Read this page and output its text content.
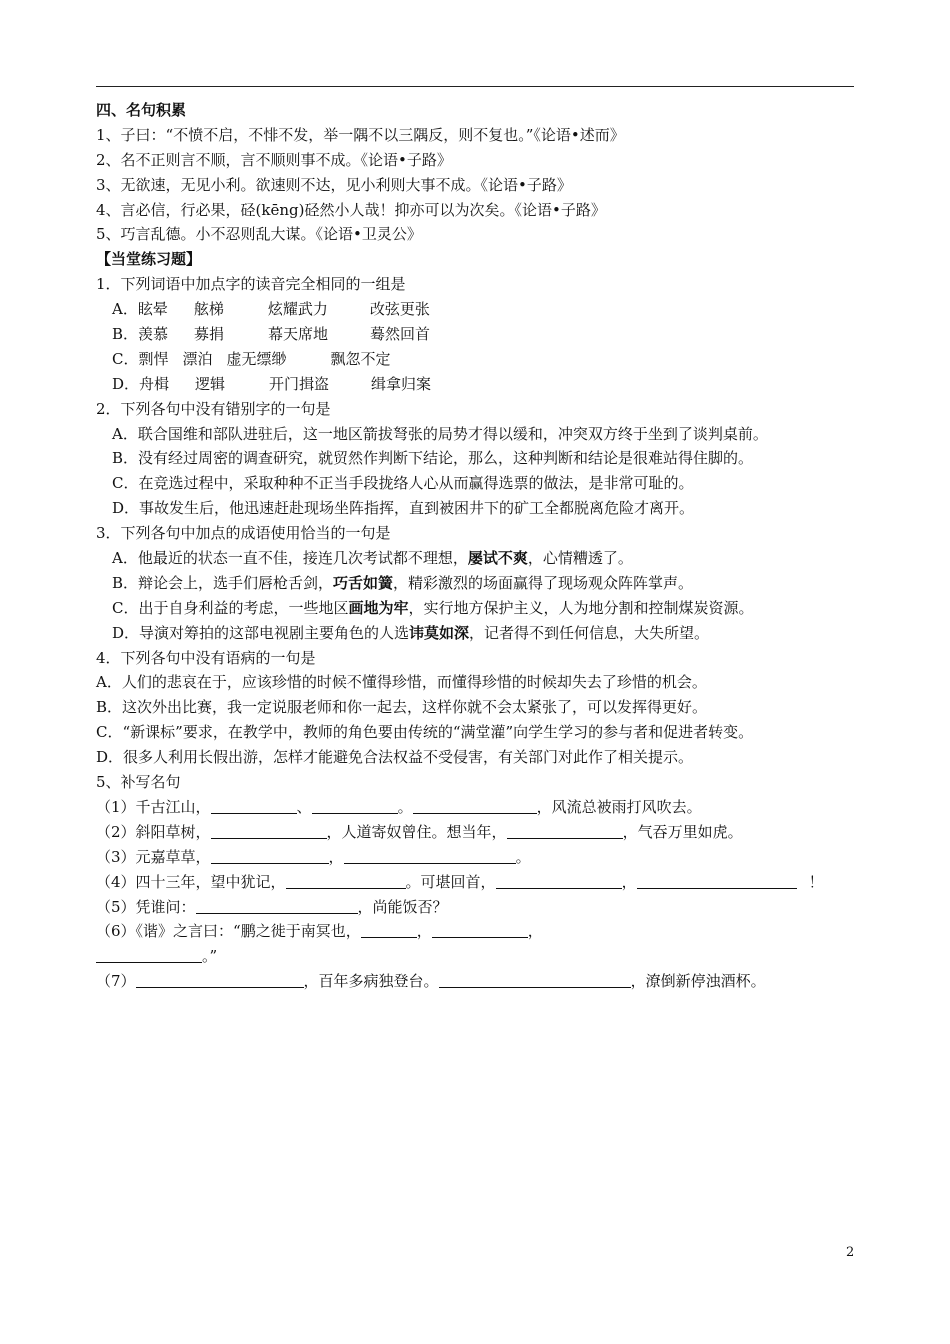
四、名句积累
1、子曰：“不愤不启，不悱不发，举一隅不以三隅反，则不复也。”《论语•述而》
2、名不正则言不顺，言不顺则事不成。《论语•子路》
3、无欲速，无见小利。欲速则不达，见小利则大事不成。《论语•子路》
4、言必信，行必果，硁(kēng)硁然小人哉！抑亦可以为次矣。《论语•子路》
5、巧言乱德。小不忍则乱大谋。《论语•卫灵公》
【当堂练习题】
1．下列词语中加点字的读音完全相同的一组是
A．眩晕 舷梯	炫耀武力	改弦更张
B．羡慕 募捐	幕天席地	蓦然回首
C．剽悍 漂泊 虚无缥缈	飘忽不定
D．舟楫 逻辑	开门揖盗	缉拿归案
2．下列各句中没有错别字的一句是
A．联合国维和部队进驻后，这一地区箭拔弩张的局势才得以缓和，冲突双方终于坐到了谈判桌前。
B．没有经过周密的调查研究，就贸然作判断下结论，那么，这种判断和结论是很难站得住脚的。
C．在竞选过程中，采取种种不正当手段拢络人心从而赢得选票的做法，是非常可耻的。
D．事故发生后，他迅速赶赴现场坐阵指挥，直到被困井下的矿工全都脱离危险才离开。
3．下列各句中加点的成语使用恰当的一句是
A．他最近的状态一直不佳，接连几次考试都不理想，屡试不爽，心情糟透了。
B．辩论会上，选手们唇枪舌剑，巧舌如簧，精彩激烈的场面赢得了现场观众阵阵掌声。
C．出于自身利益的考虑，一些地区画地为牢，实行地方保护主义，人为地分割和控制煤炭资源。
D．导演对筹拍的这部电视剧主要角色的人选讳莫如深，记者得不到任何信息，大失所望。
4．下列各句中没有语病的一句是
A．人们的悲哀在于，应该珍惜的时候不懂得珍惜，而懂得珍惜的时候却失去了珍惜的机会。
B．这次外出比赛，我一定说服老师和你一起去，这样你就不会太紧张了，可以发挥得更好。
C．“新课标”要求，在教学中，教师的角色要由传统的“满堂灌”向学生学习的参与者和促进者转变。
D．很多人利用长假出游，怎样才能避免合法权益不受侵害，有关部门对此作了相关提示。
5、补写名句
（1）千古江山，	、	。	，风流总被雨打风吹去。
（2）斜阳草树，	，人道寄奴曾住。想当年，	，气吞万里如虎。
（3）元嘉草草，	，	。
（4）四十三年，望中犹记，	。可堪回首，	，	！
（5）凭谁问：	，尚能饭否？
（6）《谐》之言曰：“鹏之徙于南冥也，	，	，
。”
（7）	，百年多病独登台。	，潦倒新停浊酒杯。
2
